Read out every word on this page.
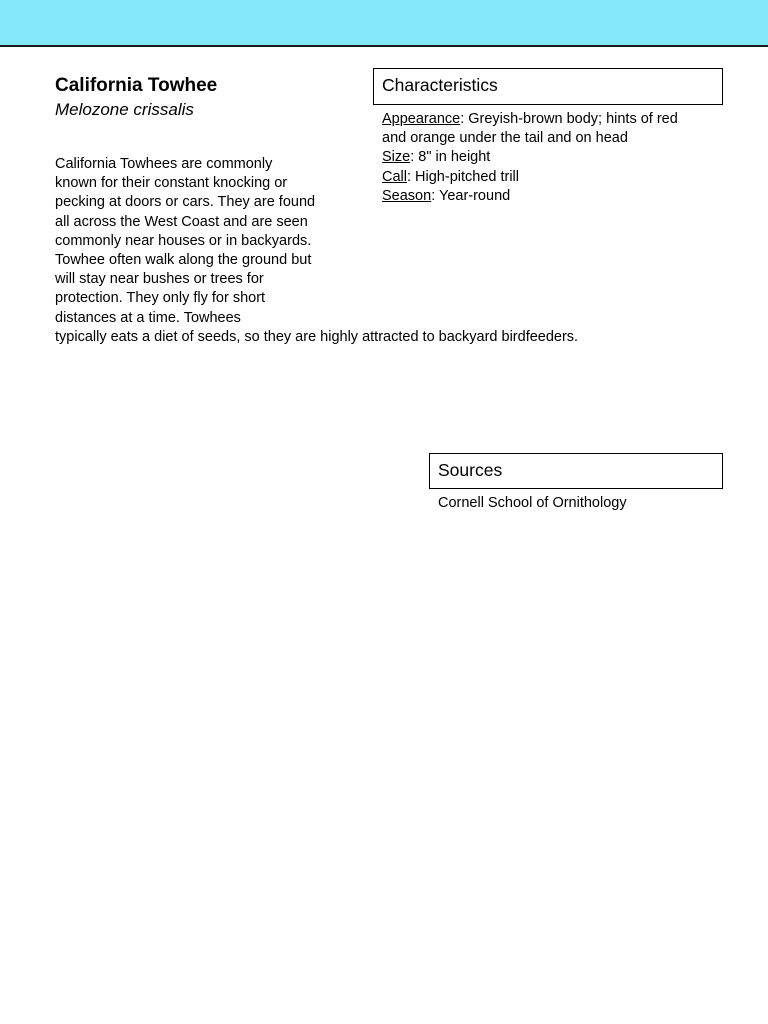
California Towhee
Melozone crissalis

California Towhees are commonly
known for their constant knocking or
pecking at doors or cars. They are found
all across the West Coast and are seen
commonly near houses or in backyards.
Towhee often walk along the ground but
will stay near bushes or trees for
protection. They only fly for short
distances at a time. Towhees
typically eats a diet of seeds, so they are highly attracted to backyard birdfeeders.

Characteristics
Appearance: Greyish-brown body; hints of red
and orange under the tail and on head
Size: 8" in height
Call: High-pitched trill
Season: Year-round
Sources
Cornell School of Ornithology
